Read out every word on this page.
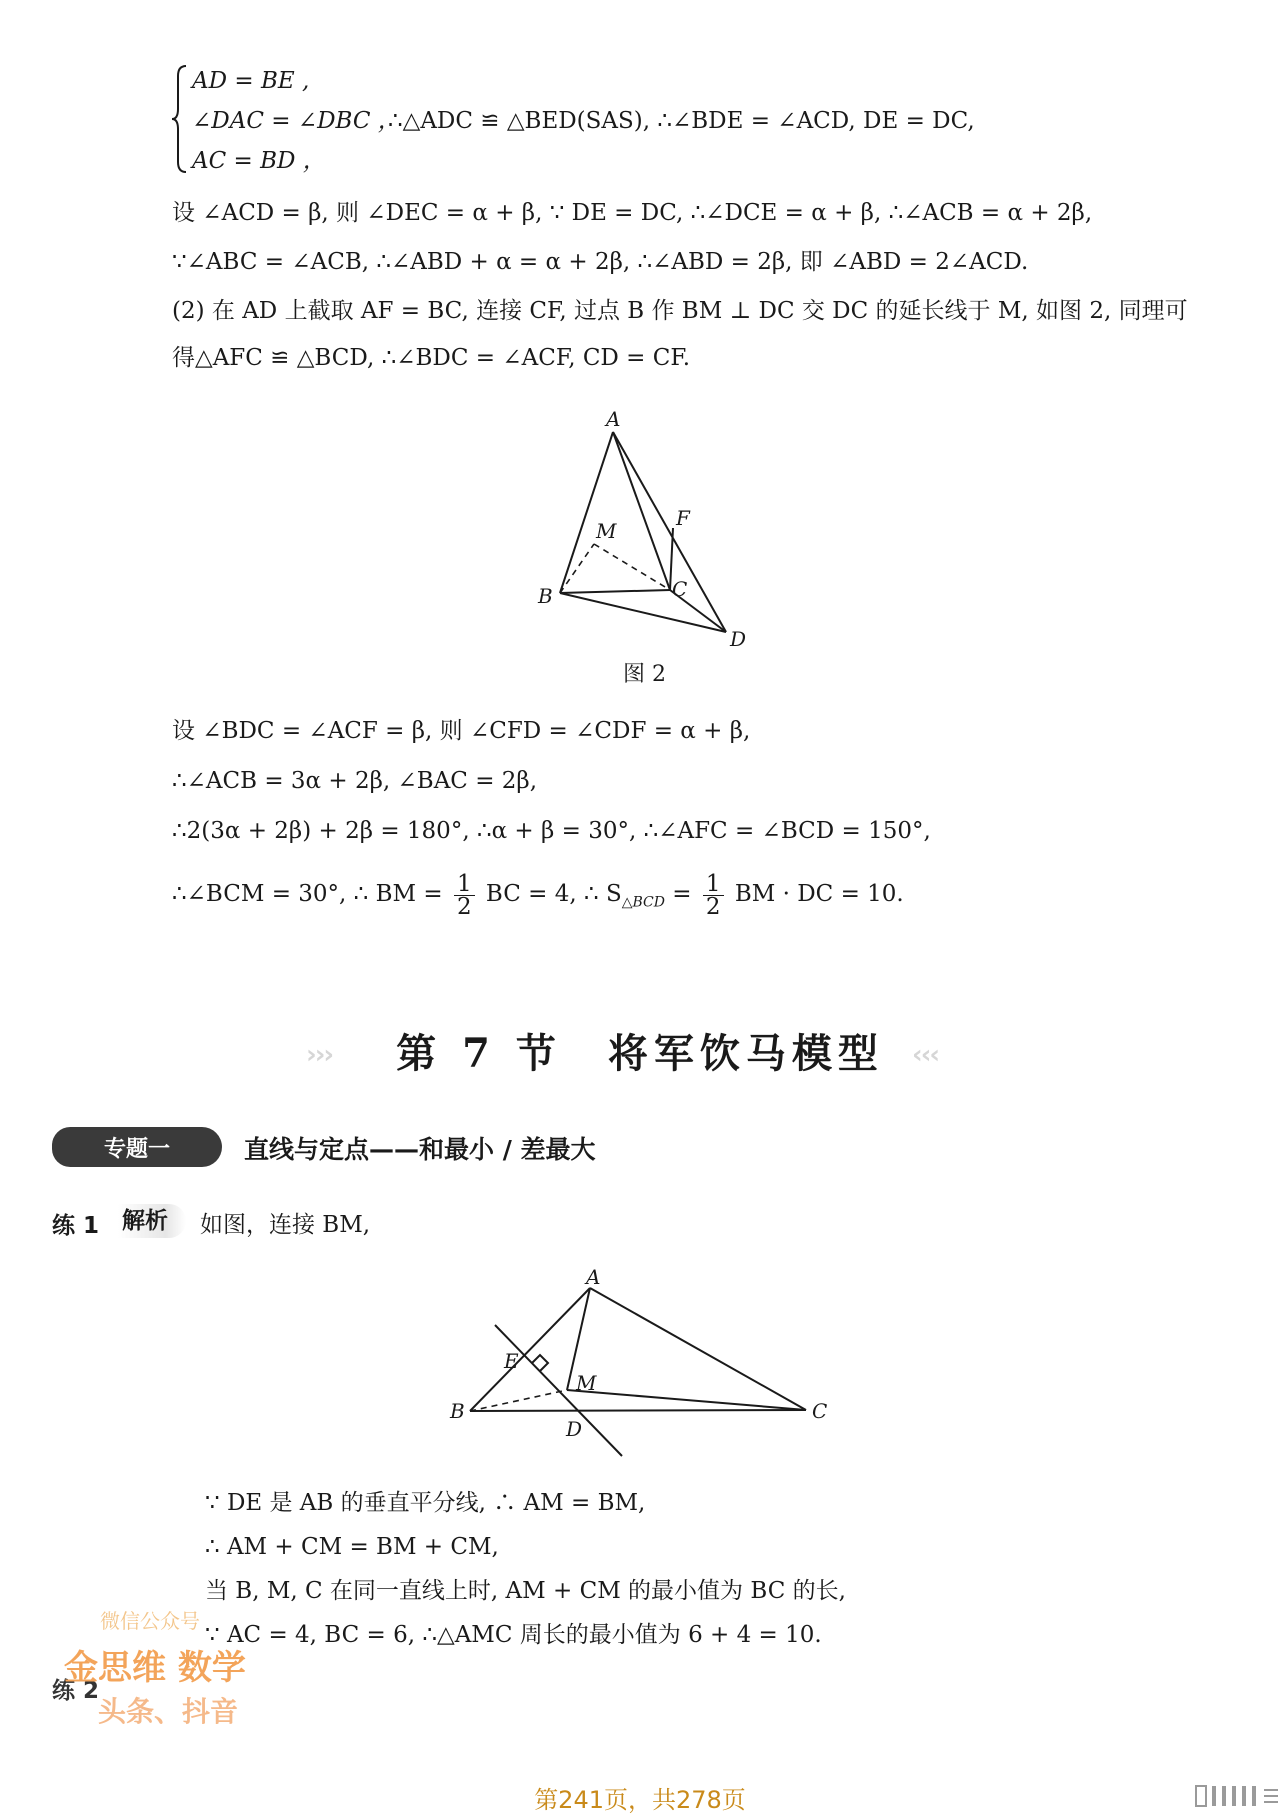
AD = BE ,
∠DAC = ∠DBC ，
AC = BD ，
∴△ADC ≌ △BED(SAS), ∴∠BDE = ∠ACD, DE = DC,
设 ∠ACD = β, 则 ∠DEC = α + β, ∵ DE = DC, ∴∠DCE = α + β, ∴∠ACB = α + 2β,
∵∠ABC = ∠ACB, ∴∠ABD + α = α + 2β, ∴∠ABD = 2β, 即 ∠ABD = 2∠ACD.
(2) 在 AD 上截取 AF = BC, 连接 CF, 过点 B 作 BM ⊥ DC 交 DC 的延长线于 M, 如图 2, 同理可
得△AFC ≌ △BCD, ∴∠BDC = ∠ACF, CD = CF.
A
B	C
D
F
M
图 2
设 ∠BDC = ∠ACF = β, 则 ∠CFD = ∠CDF = α + β,
∴∠ACB = 3α + 2β, ∠BAC = 2β,
∴2(3α + 2β) + 2β = 180°, ∴α + β = 30°, ∴∠AFC = ∠BCD = 150°,
∴∠BCM = 30°, ∴ BM = $\frac{1}{2}$ BC = 4, ∴ $S_{\triangle BCD} = \frac{1}{2}$ BM · DC = 10.
›››	第 7 节　将军饮马模型	‹‹‹
专题一	直线与定点——和最小 / 差最大
练 1 解析	如图，连接 BM,
A
B	C
D
E
M
∵ DE 是 AB 的垂直平分线, ∴ AM = BM,
∴ AM + CM = BM + CM,
当 B, M, C 在同一直线上时, AM + CM 的最小值为 BC 的长,
∵ AC = 4, BC = 6, ∴△AMC 周长的最小值为 6 + 4 = 10.
练 2
微信公众号
金思维 数学
头条、抖音
第241页，共278页
